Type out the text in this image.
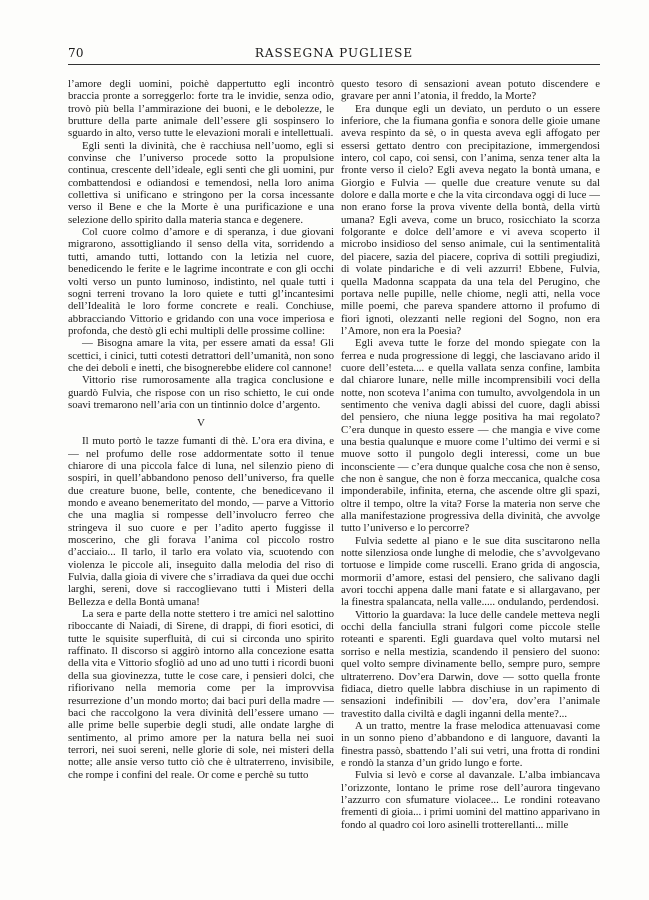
70	RASSEGNA PUGLIESE

l’amore degli uomini, poichè dappertutto egli incontrò braccia pronte a sorreggerlo: forte tra le invidie, senza odio, trovò più bella l’ammirazione dei buoni, e le debolezze, le brutture della parte animale dell’essere gli sospinsero lo sguardo in alto, verso tutte le elevazioni morali e intellettuali.

Egli sentì la divinità, che è racchiusa nell’uomo, egli si convinse che l’universo procede sotto la propulsione continua, crescente dell’ideale, egli sentì che gli uomini, pur combattendosi e odiandosi e temendosi, nella loro anima collettiva si unificano e stringono per la corsa incessante verso il Bene e che la Morte è una purificazione e una selezione dello spirito dalla materia stanca e degenere.

Col cuore colmo d’amore e di speranza, i due giovani migrarono, assottigliando il senso della vita, sorridendo a tutti, amando tutti, lottando con la letizia nel cuore, benedicendo le ferite e le lagrime incontrate e con gli occhi volti verso un punto luminoso, indistinto, nel quale tutti i sogni terreni trovano la loro quiete e tutti gl’incantesimi dell’Idealità le loro forme concrete e reali. Conchiuse, abbracciando Vittorio e gridando con una voce imperiosa e profonda, che destò gli echi multipli delle prossime colline:

— Bisogna amare la vita, per essere amati da essa! Gli scettici, i cinici, tutti cotesti detrattori dell’umanità, non sono che dei deboli e inetti, che bisognerebbe elidere col cannone!

Vittorio rise rumorosamente alla tragica conclusione e guardò Fulvia, che rispose con un riso schietto, le cui onde soavi tremarono nell’aria con un tintinnio dolce d’argento.

V

Il muto portò le tazze fumanti di thè. L’ora era divina, e — nel profumo delle rose addormentate sotto il tenue chiarore di una piccola falce di luna, nel silenzio pieno di sospiri, in quell’abbandono penoso dell’universo, fra quelle due creature buone, belle, contente, che benedicevano il mondo e aveano benemeritato del mondo, — parve a Vittorio che una maglia si rompesse dell’involucro ferreo che stringeva il suo cuore e per l’adito aperto fuggisse il moscerino, che gli forava l’anima col piccolo rostro d’acciaio... Il tarlo, il tarlo era volato via, scuotendo con violenza le piccole ali, inseguito dalla melodia del riso di Fulvia, dalla gioia di vivere che s’irradiava da quei due occhi larghi, sereni, dove si raccoglievano tutti i Misteri della Bellezza e della Bontà umana!

La sera e parte della notte stettero i tre amici nel salottino riboccante di Naiadi, di Sirene, di drappi, di fiori esotici, di tutte le squisite superfluità, di cui si circonda uno spirito raffinato. Il discorso si aggirò intorno alla concezione esatta della vita e Vittorio sfogliò ad uno ad uno tutti i ricordi buoni della sua giovinezza, tutte le cose care, i pensieri dolci, che rifiorivano nella memoria come per la improvvisa resurrezione d’un mondo morto; dai baci puri della madre — baci che raccolgono la vera divinità dell’essere umano — alle prime belle superbie degli studi, alle ondate larghe di sentimento, al primo amore per la natura bella nei suoi terrori, nei suoi sereni, nelle glorie di sole, nei misteri della notte; alle ansie verso tutto ciò che è ultraterreno, invisibile, che rompe i confini del reale. Or come e perchè su tutto

questo tesoro di sensazioni avean potuto discendere e gravare per anni l’atonia, il freddo, la Morte?

Era dunque egli un deviato, un perduto o un essere inferiore, che la fiumana gonfia e sonora delle gioie umane aveva respinto da sè, o in questa aveva egli affogato per essersi gettato dentro con precipitazione, immergendosi intero, col capo, coi sensi, con l’anima, senza tener alta la fronte verso il cielo? Egli aveva negato la bontà umana, e Giorgio e Fulvia — quelle due creature venute su dal dolore e dalla morte e che la vita circondava oggi di luce — non erano forse la prova vivente della bontà, della virtù umana? Egli aveva, come un bruco, rosicchiato la scorza folgorante e dolce dell’amore e vi aveva scoperto il microbo insidioso del senso animale, cui la sentimentalità del piacere, sazia del piacere, coprivа di sottili pregiudizi, di volate pindariche e di veli azzurri! Ebbene, Fulvia, quella Madonna scappata da una tela del Perugino, che portava nelle pupille, nelle chiome, negli atti, nella voce mille poemi, che pareva spandere attorno il profumo di fiori ignoti, olezzanti nelle regioni del Sogno, non era l’Amore, non era la Poesia?

Egli aveva tutte le forze del mondo spiegate con la ferrea e nuda progressione di leggi, che lasciavano arido il cuore dell’esteta.... e quella vallata senza confine, lambita dal chiarore lunare, nelle mille incomprensibili voci della notte, non scoteva l’anima con tumulto, avvolgendola in un sentimento che veniva dagli abissi del cuore, dagli abissi del pensiero, che niuna legge positiva ha mai regolato? C’era dunque in questo essere — che mangia e vive come una bestia qualunque e muore come l’ultimo dei vermi e si muove sotto il pungolo degli interessi, come un bue inconsciente — c’era dunque qualche cosa che non è senso, che non è sangue, che non è forza meccanica, qualche cosa imponderabile, infinita, eterna, che ascende oltre gli spazi, oltre il tempo, oltre la vita? Forse la materia non serve che alla manifestazione progressiva della divinità, che avvolge tutto l’universo e lo percorre?

Fulvia sedette al piano e le sue dita suscitarono nella notte silenziosa onde lunghe di melodie, che s’avvolgevano tortuose e limpide come ruscelli. Erano grida di angoscia, mormorii d’amore, estasi del pensiero, che salivano dagli avori tocchi appena dalle mani fatate e si allargavano, per la finestra spalancata, nella valle..... ondulando, perdendosi.

Vittorio la guardava: la luce delle candele metteva negli occhi della fanciulla strani fulgori come piccole stelle roteanti e sparenti. Egli guardava quel volto mutarsi nel sorriso e nella mestizia, scandendo il pensiero del suono: quel volto sempre divinamente bello, sempre puro, sempre ultraterreno. Dov’era Darwin, dove — sotto quella fronte fidiaca, dietro quelle labbra dischiuse in un rapimento di sensazioni indefinibili — dov’era, dov’era l’animale travestito dalla civiltà e dagli inganni della mente?...

A un tratto, mentre la frase melodica attenuavasi come in un sonno pieno d’abbandono e di languore, davanti la finestra passò, sbattendo l’ali sui vetri, una frotta di rondini e rondò la stanza d’un grido lungo e forte.

Fulvia si levò e corse al davanzale. L’alba imbiancava l’orizzonte, lontano le prime rose dell’aurora tingevano l’azzurro con sfumature violacee... Le rondini roteavano frementi di gioia... i primi uomini del mattino apparivano in fondo al quadro coi loro asinelli trotterellanti... mille
